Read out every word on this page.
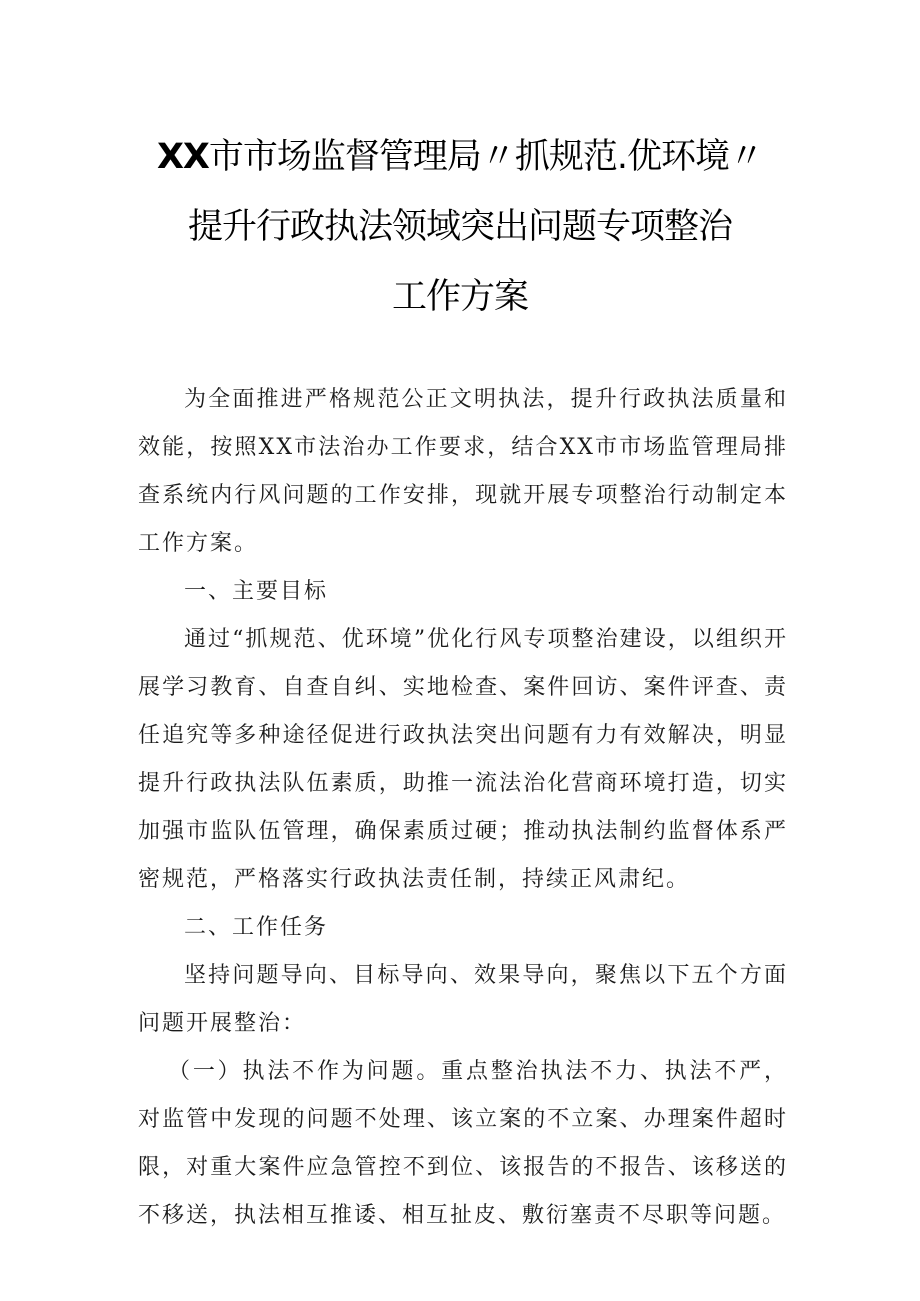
XX市市场监督管理局〃抓规范.优环境〃
提升行政执法领域突出问题专项整治
工作方案

为全面推进严格规范公正文明执法，提升行政执法质量和效能，按照XX市法治办工作要求，结合XX市市场监管理局排查系统内行风问题的工作安排，现就开展专项整治行动制定本工作方案。

一、主要目标

通过“抓规范、优环境”优化行风专项整治建设，以组织开展学习教育、自查自纠、实地检查、案件回访、案件评查、责任追究等多种途径促进行政执法突出问题有力有效解决，明显提升行政执法队伍素质，助推一流法治化营商环境打造，切实加强市监队伍管理，确保素质过硬；推动执法制约监督体系严密规范，严格落实行政执法责任制，持续正风肃纪。

二、工作任务

坚持问题导向、目标导向、效果导向，聚焦以下五个方面问题开展整治：

（一）执法不作为问题。重点整治执法不力、执法不严，对监管中发现的问题不处理、该立案的不立案、办理案件超时限，对重大案件应急管控不到位、该报告的不报告、该移送的不移送，执法相互推诿、相互扯皮、敷衍塞责不尽职等问题。
